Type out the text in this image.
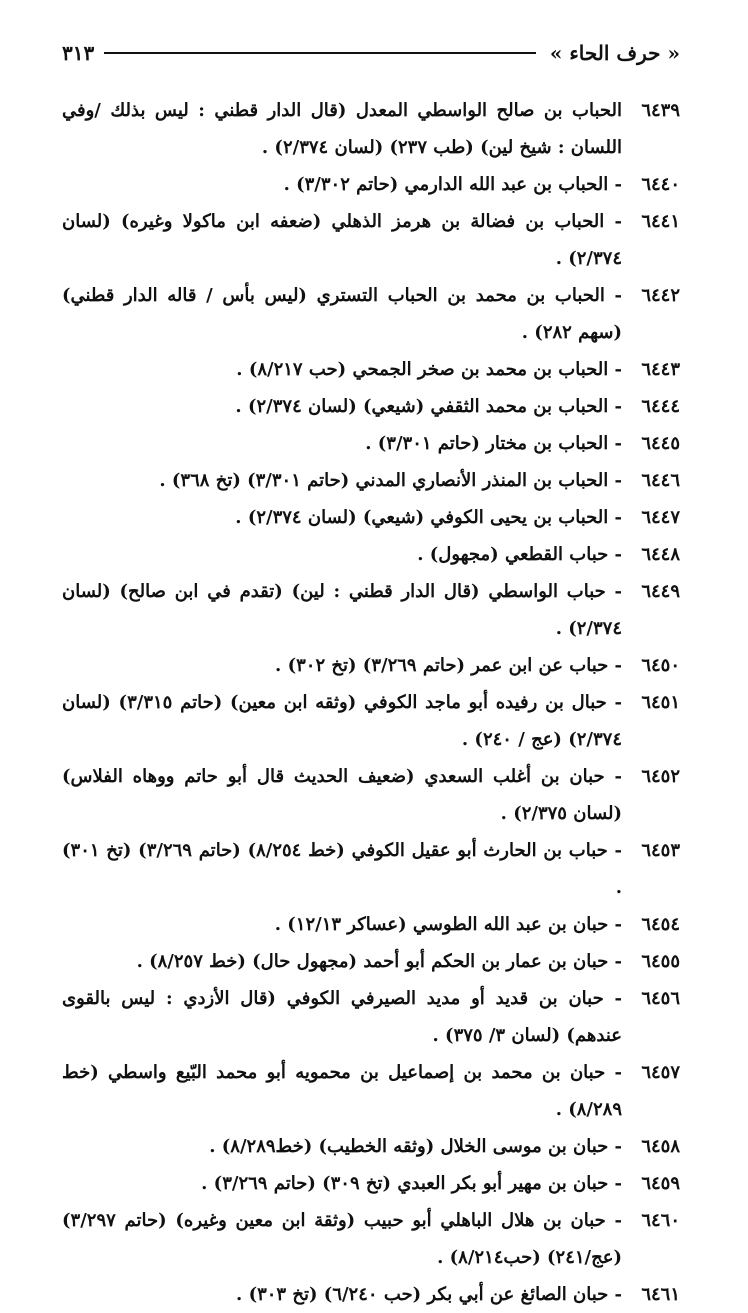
« حرف الحاء »
٣١٣
٦٤٣٩
الحباب بن صالح الواسطي المعدل (قال الدار قطني : ليس بذلك /وفي اللسان : شيخ لين) (طب ٢٣٧) (لسان ٢/٣٧٤) .
٦٤٤٠
- الحباب بن عبد الله الدارمي (حاتم ٣/٣٠٢) .
٦٤٤١
- الحباب بن فضالة بن هرمز الذهلي (ضعفه ابن ماكولا وغيره) (لسان ٢/٣٧٤) .
٦٤٤٢
- الحباب بن محمد بن الحباب التستري (ليس بأس / قاله الدار قطني) (سهم ٢٨٢) .
٦٤٤٣
- الحباب بن محمد بن صخر الجمحي (حب ٨/٢١٧) .
٦٤٤٤
- الحباب بن محمد الثقفي (شيعي) (لسان ٢/٣٧٤) .
٦٤٤٥
- الحباب بن مختار (حاتم ٣/٣٠١) .
٦٤٤٦
- الحباب بن المنذر الأنصاري المدني (حاتم ٣/٣٠١) (تخ ٣٦٨) .
٦٤٤٧
- الحباب بن يحيى الكوفي (شيعي) (لسان ٢/٣٧٤) .
٦٤٤٨
- حباب القطعي (مجهول) .
٦٤٤٩
- حباب الواسطي (قال الدار قطني : لين) (تقدم في ابن صالح) (لسان ٢/٣٧٤) .
٦٤٥٠
- حباب عن ابن عمر (حاتم ٣/٢٦٩) (تخ ٣٠٢) .
٦٤٥١
- حبال بن رفيده أبو ماجد الكوفي (وثقه ابن معين) (حاتم ٣/٣١٥) (لسان ٢/٣٧٤) (عج / ٢٤٠) .
٦٤٥٢
- حبان بن أغلب السعدي (ضعيف الحديث قال أبو حاتم ووهاه الفلاس) (لسان ٢/٣٧٥) .
٦٤٥٣
- حباب بن الحارث أبو عقيل الكوفي (خط ٨/٢٥٤) (حاتم ٣/٢٦٩) (تخ ٣٠١) .
٦٤٥٤
- حبان بن عبد الله الطوسي (عساكر ١٢/١٣) .
٦٤٥٥
- حبان بن عمار بن الحكم أبو أحمد (مجهول حال) (خط ٨/٢٥٧) .
٦٤٥٦
- حبان بن قديد أو مديد الصيرفي الكوفي (قال الأزدي : ليس بالقوى عندهم) (لسان ٣/ ٣٧٥) .
٦٤٥٧
- حبان بن محمد بن إصماعيل بن محمويه أبو محمد البّيع واسطي (خط ٨/٢٨٩) .
٦٤٥٨
- حبان بن موسى الخلال (وثقه الخطيب) (خط٨/٢٨٩) .
٦٤٥٩
- حبان بن مهير أبو بكر العبدي (تخ ٣٠٩) (حاتم ٣/٢٦٩) .
٦٤٦٠
- حبان بن هلال الباهلي أبو حبيب (وثقة ابن معين وغيره) (حاتم ٣/٢٩٧) (عج/٢٤١) (حب٨/٢١٤) .
٦٤٦١
- حبان الصائغ عن أبي بكر (حب ٦/٢٤٠) (تخ ٣٠٣) .
